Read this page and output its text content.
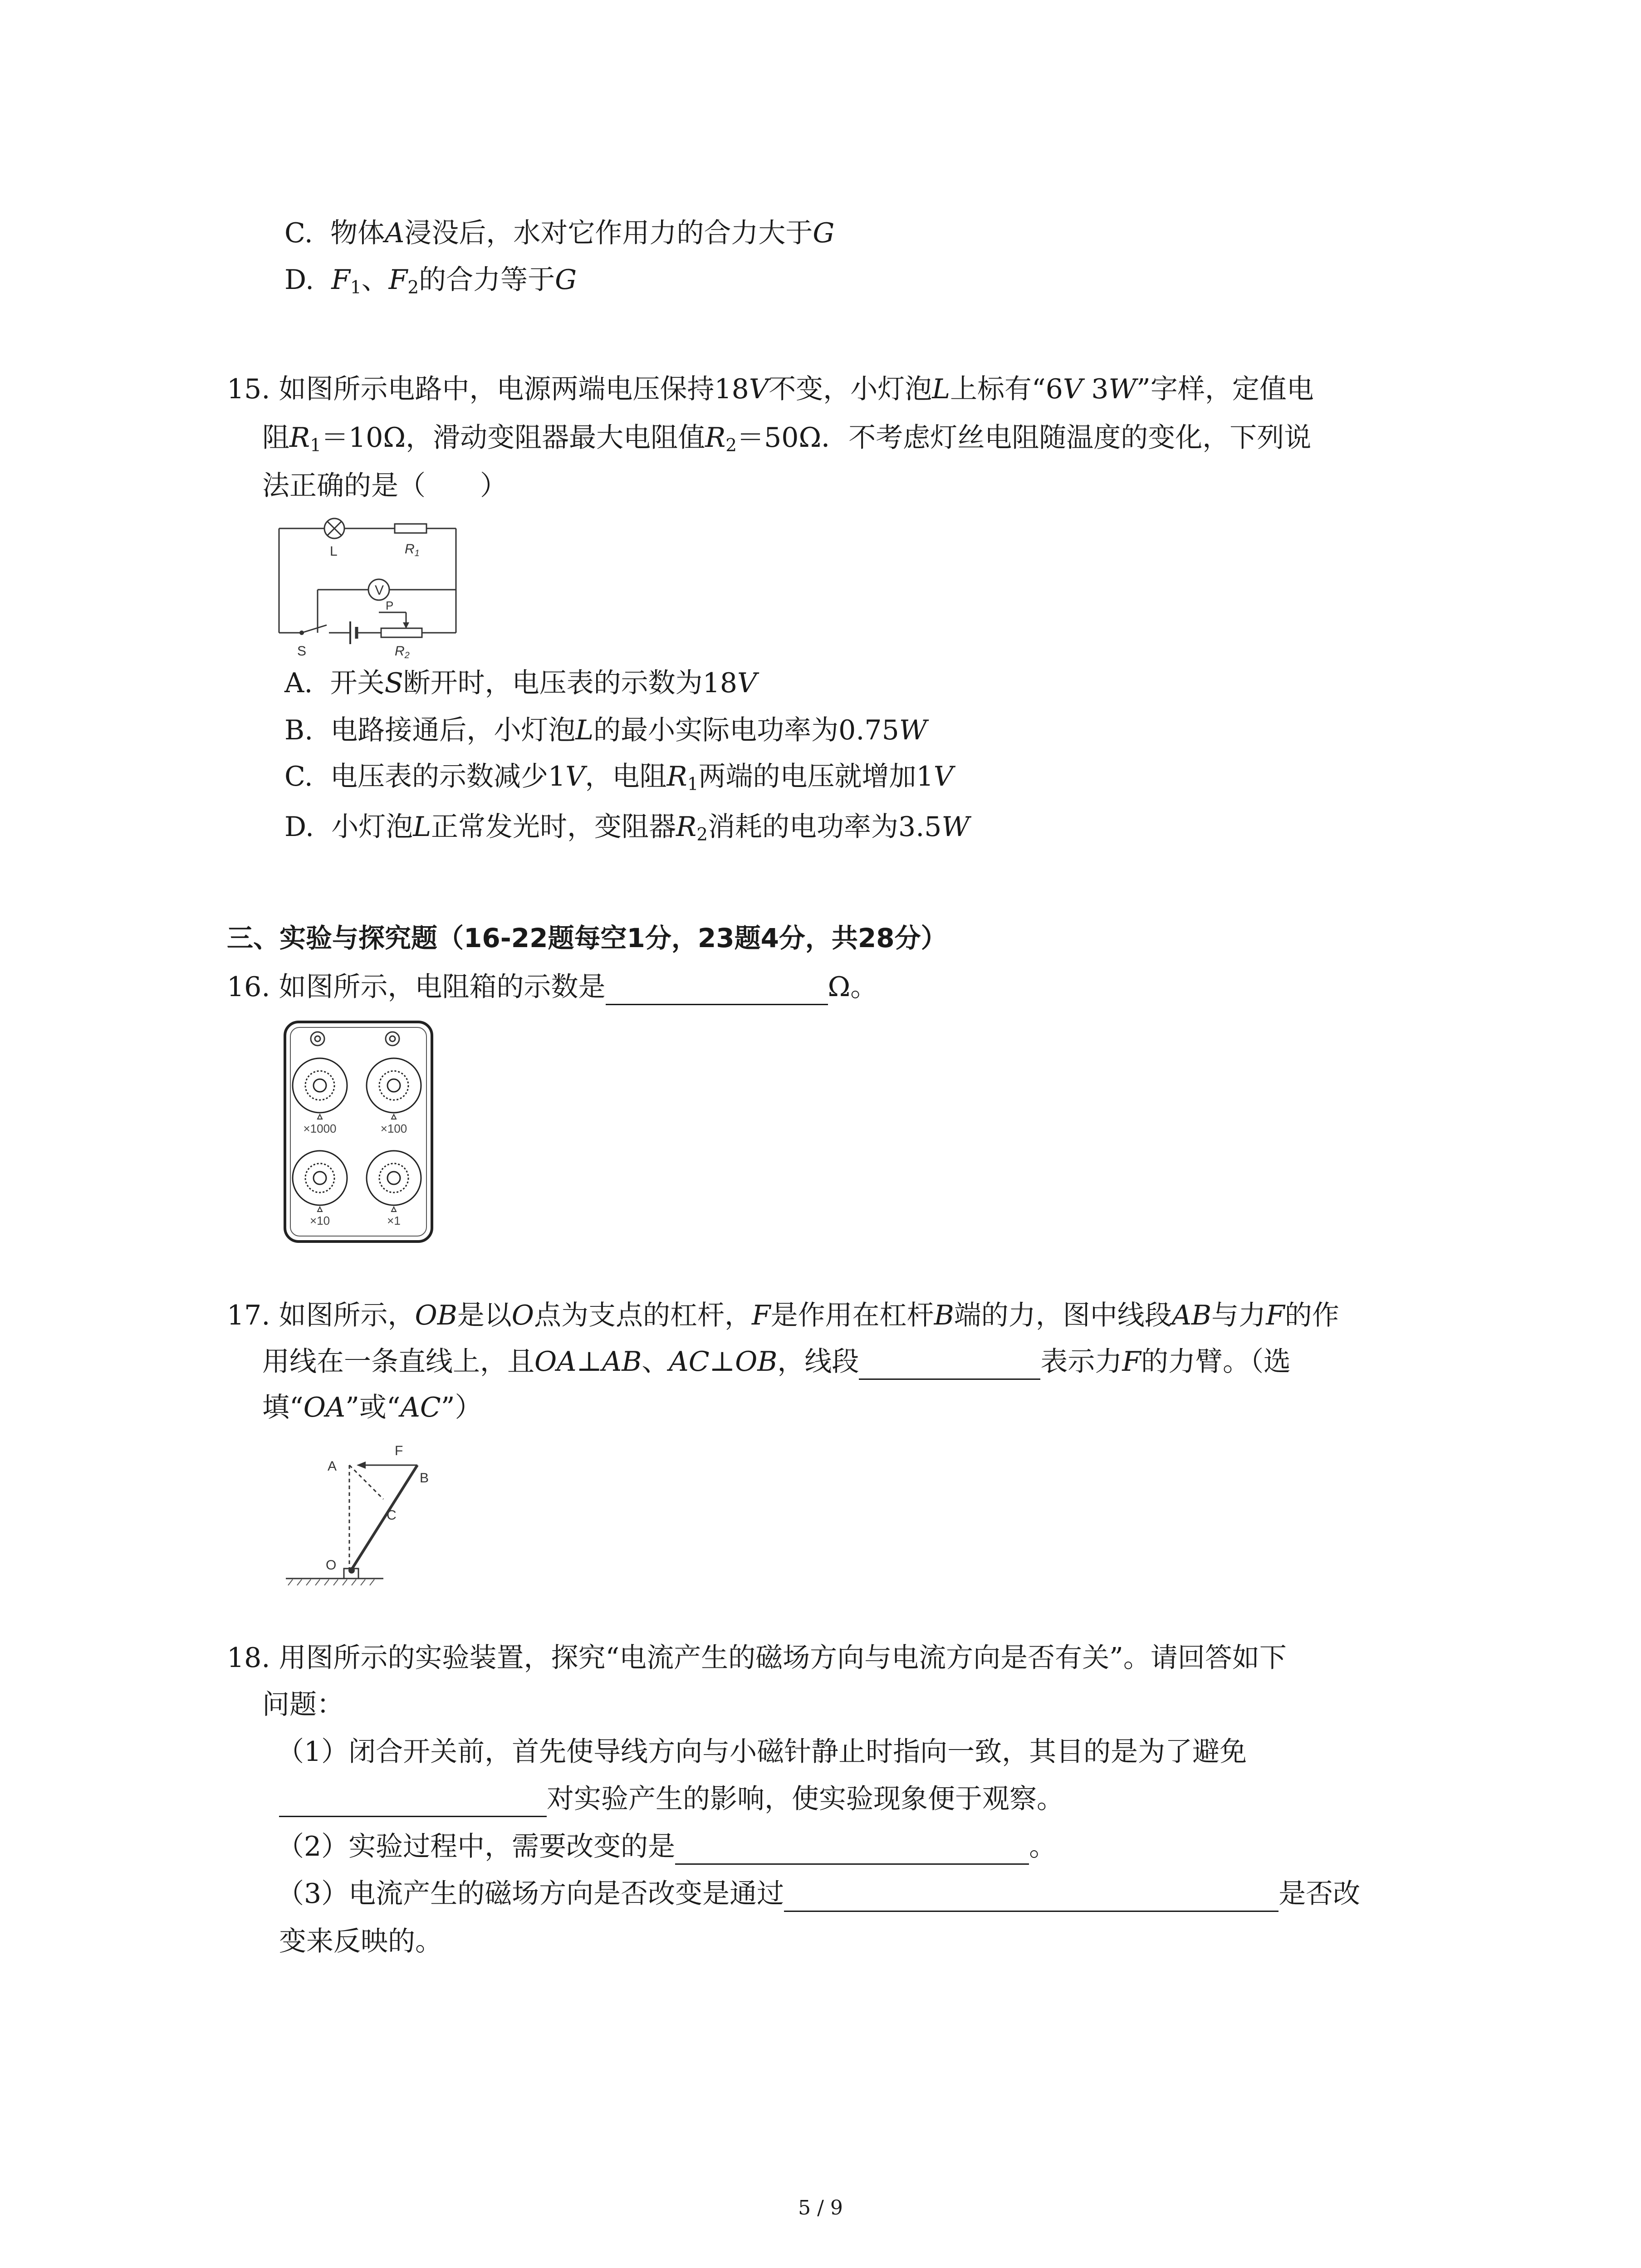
C. 物体A浸没后，水对它作用力的合力大于G
D. $F_1$、$F_2$的合力等于G
15. 如图所示电路中，电源两端电压保持18V不变，小灯泡L上标有“6V 3W”字样，定值电
阻$R_1=10\Omega$，滑动变阻器最大电阻值$R_2=50\Omega$．不考虑灯丝电阻随温度的变化，下列说
法正确的是（　　）
L	$R_1$
V
P
S	$R_2$
A. 开关S断开时，电压表的示数为18V
B. 电路接通后，小灯泡L的最小实际电功率为0.75W
C. 电压表的示数减少1V，电阻$R_1$两端的电压就增加1V
D. 小灯泡L正常发光时，变阻器$R_2$消耗的电功率为3.5W
三、实验与探究题（16-22题每空1分，23题4分，共28分）
16. 如图所示，电阻箱的示数是	Ω。
×1000	×100
×10	×1
17. 如图所示，OB是以O点为支点的杠杆，F是作用在杠杆B端的力，图中线段AB与力F的作
用线在一条直线上，且OA⊥AB、AC⊥OB，线段	表示力F的力臂。（选
填“OA”或“AC”）
F
A
B
C
O
18. 用图所示的实验装置，探究“电流产生的磁场方向与电流方向是否有关”。请回答如下
问题：
（1）闭合开关前，首先使导线方向与小磁针静止时指向一致，其目的是为了避免
对实验产生的影响，使实验现象便于观察。
（2）实验过程中，需要改变的是	。
（3）电流产生的磁场方向是否改变是通过	是否改
变来反映的。
5 / 9
